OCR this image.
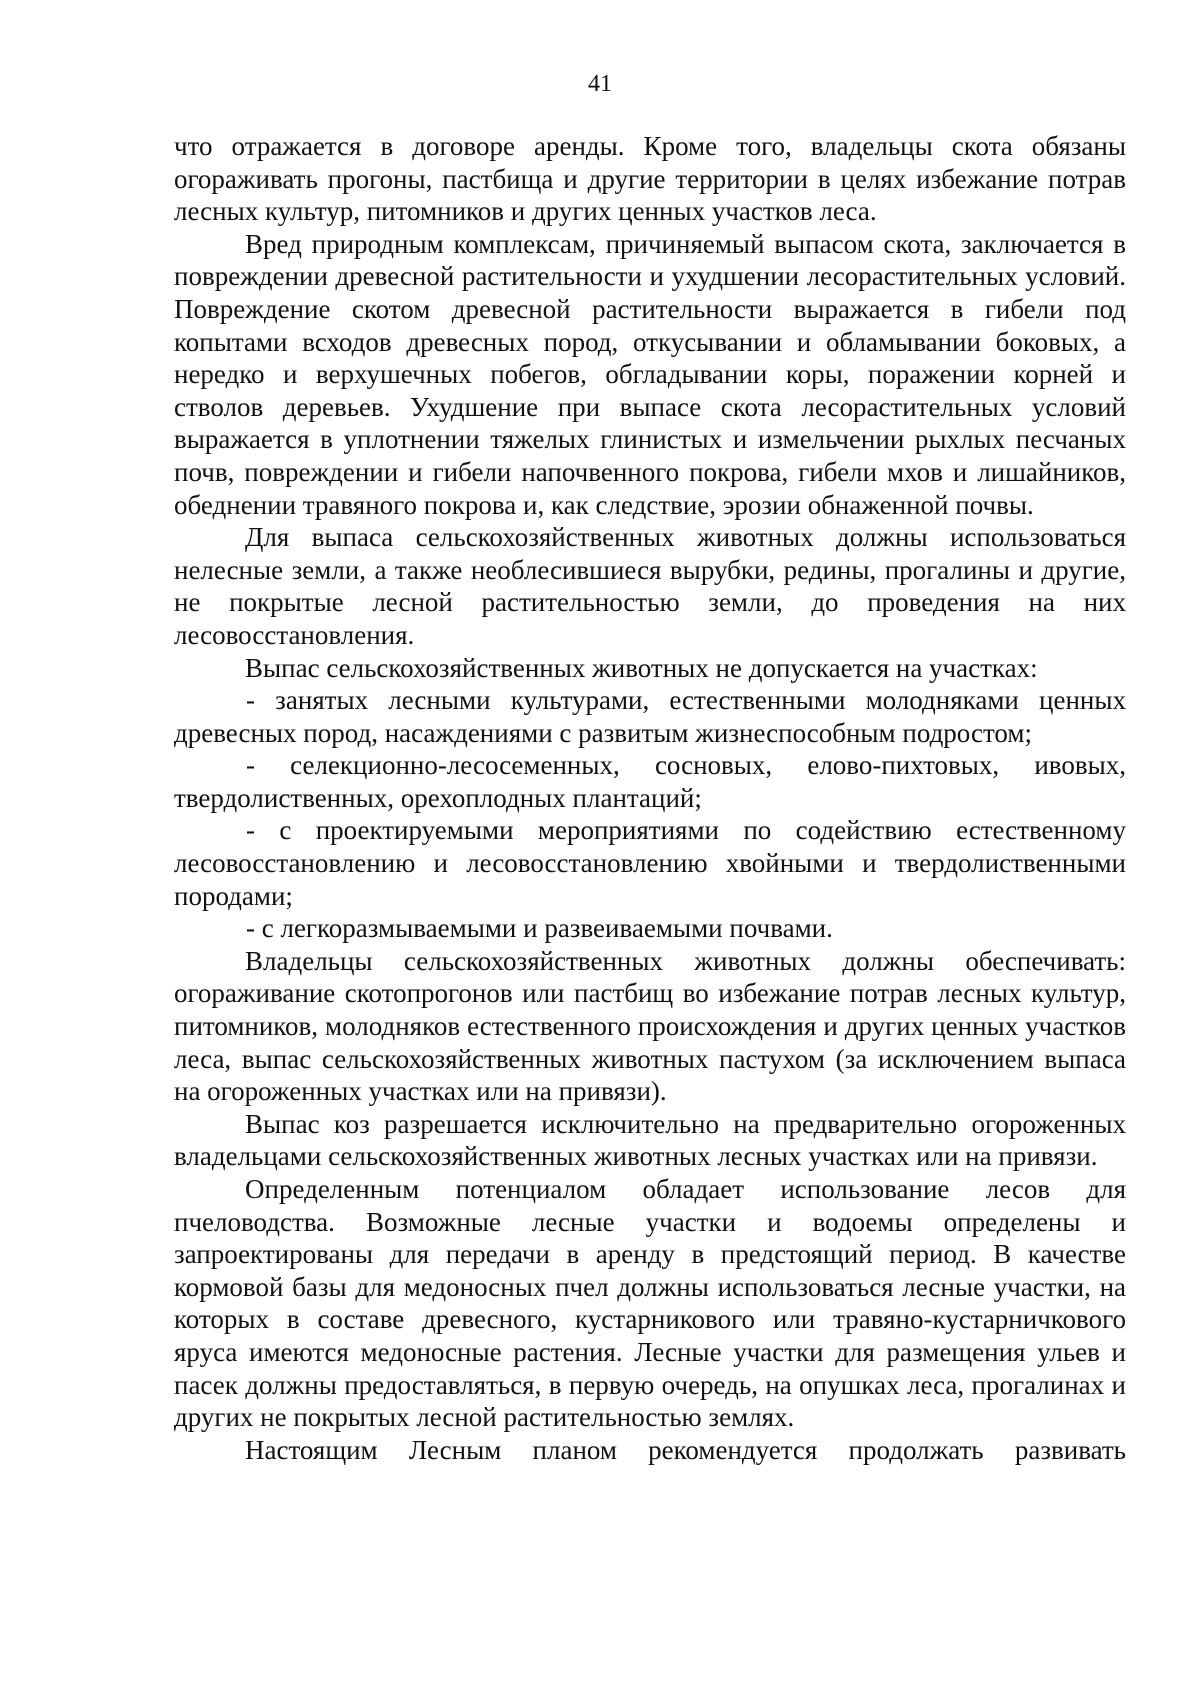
41

что отражается в договоре аренды. Кроме того, владельцы скота обязаны огораживать прогоны, пастбища и другие территории в целях избежание потрав лесных культур, питомников и других ценных участков леса.

Вред природным комплексам, причиняемый выпасом скота, заключается в повреждении древесной растительности и ухудшении лесорастительных условий. Повреждение скотом древесной растительности выражается в гибели под копытами всходов древесных пород, откусывании и обламывании боковых, а нередко и верхушечных побегов, обгладывании коры, поражении корней и стволов деревьев. Ухудшение при выпасе скота лесорастительных условий выражается в уплотнении тяжелых глинистых и измельчении рыхлых песчаных почв, повреждении и гибели напочвенного покрова, гибели мхов и лишайников, обеднении травяного покрова и, как следствие, эрозии обнаженной почвы.

Для выпаса сельскохозяйственных животных должны использоваться нелесные земли, а также необлесившиеся вырубки, редины, прогалины и другие, не покрытые лесной растительностью земли, до проведения на них лесовосстановления.

Выпас сельскохозяйственных животных не допускается на участках:

- занятых лесными культурами, естественными молодняками ценных древесных пород, насаждениями с развитым жизнеспособным подростом;

- селекционно-лесосеменных, сосновых, елово-пихтовых, ивовых, твердолиственных, орехоплодных плантаций;

- с проектируемыми мероприятиями по содействию естественному лесовосстановлению и лесовосстановлению хвойными и твердолиственными породами;

- с легкоразмываемыми и развеиваемыми почвами.

Владельцы сельскохозяйственных животных должны обеспечивать: огораживание скотопрогонов или пастбищ во избежание потрав лесных культур, питомников, молодняков естественного происхождения и других ценных участков леса, выпас сельскохозяйственных животных пастухом (за исключением выпаса на огороженных участках или на привязи).

Выпас коз разрешается исключительно на предварительно огороженных владельцами сельскохозяйственных животных лесных участках или на привязи.

Определенным потенциалом обладает использование лесов для пчеловодства. Возможные лесные участки и водоемы определены и запроектированы для передачи в аренду в предстоящий период. В качестве кормовой базы для медоносных пчел должны использоваться лесные участки, на которых в составе древесного, кустарникового или травяно-кустарничкового яруса имеются медоносные растения. Лесные участки для размещения ульев и пасек должны предоставляться, в первую очередь, на опушках леса, прогалинах и других не покрытых лесной растительностью землях.

Настоящим Лесным планом рекомендуется продолжать развивать
